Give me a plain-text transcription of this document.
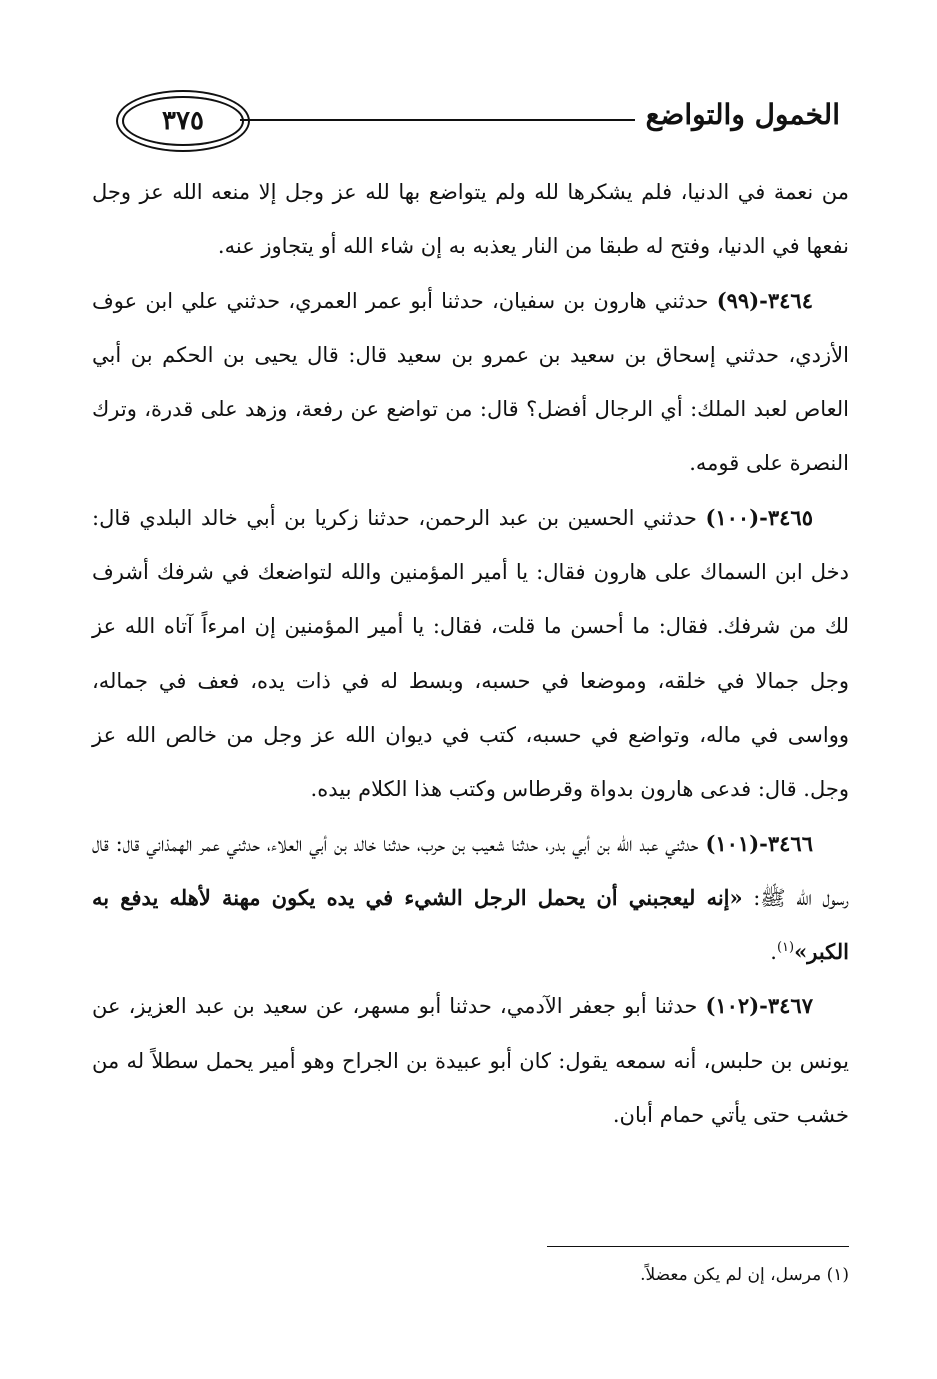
٣٧٥	الخمول والتواضع

من نعمة في الدنيا، فلم يشكرها لله ولم يتواضع بها لله عز وجل إلا منعه الله عز وجل نفعها في الدنيا، وفتح له طبقا من النار يعذبه به إن شاء الله أو يتجاوز عنه.

٣٤٦٤-(٩٩) حدثني هارون بن سفيان، حدثنا أبو عمر العمري، حدثني علي ابن عوف الأزدي، حدثني إسحاق بن سعيد بن عمرو بن سعيد قال: قال يحيى بن الحكم بن أبي العاص لعبد الملك: أي الرجال أفضل؟ قال: من تواضع عن رفعة، وزهد على قدرة، وترك النصرة على قومه.

٣٤٦٥-(١٠٠) حدثني الحسين بن عبد الرحمن، حدثنا زكريا بن أبي خالد البلدي قال: دخل ابن السماك على هارون فقال: يا أمير المؤمنين والله لتواضعك في شرفك أشرف لك من شرفك. فقال: ما أحسن ما قلت، فقال: يا أمير المؤمنين إن امرءاً آتاه الله عز وجل جمالا في خلقه، وموضعا في حسبه، وبسط له في ذات يده، فعف في جماله، وواسى في ماله، وتواضع في حسبه، كتب في ديوان الله عز وجل من خالص الله عز وجل. قال: فدعى هارون بدواة وقرطاس وكتب هذا الكلام بيده.

٣٤٦٦-(١٠١) حدثني عبد الله بن أبي بدر، حدثنا شعيب بن حرب، حدثنا خالد بن أبي العلاء، حدثني عمر الهمذاني قال: قال رسول الله ﷺ: «إنه ليعجبني أن يحمل الرجل الشيء في يده يكون مهنة لأهله يدفع به الكبر»$^{(١)}$.

٣٤٦٧-(١٠٢) حدثنا أبو جعفر الآدمي، حدثنا أبو مسهر، عن سعيد بن عبد العزيز، عن يونس بن حلبس، أنه سمعه يقول: كان أبو عبيدة بن الجراح وهو أمير يحمل سطلاً له من خشب حتى يأتي حمام أبان.

(١) مرسل، إن لم يكن معضلاً.
